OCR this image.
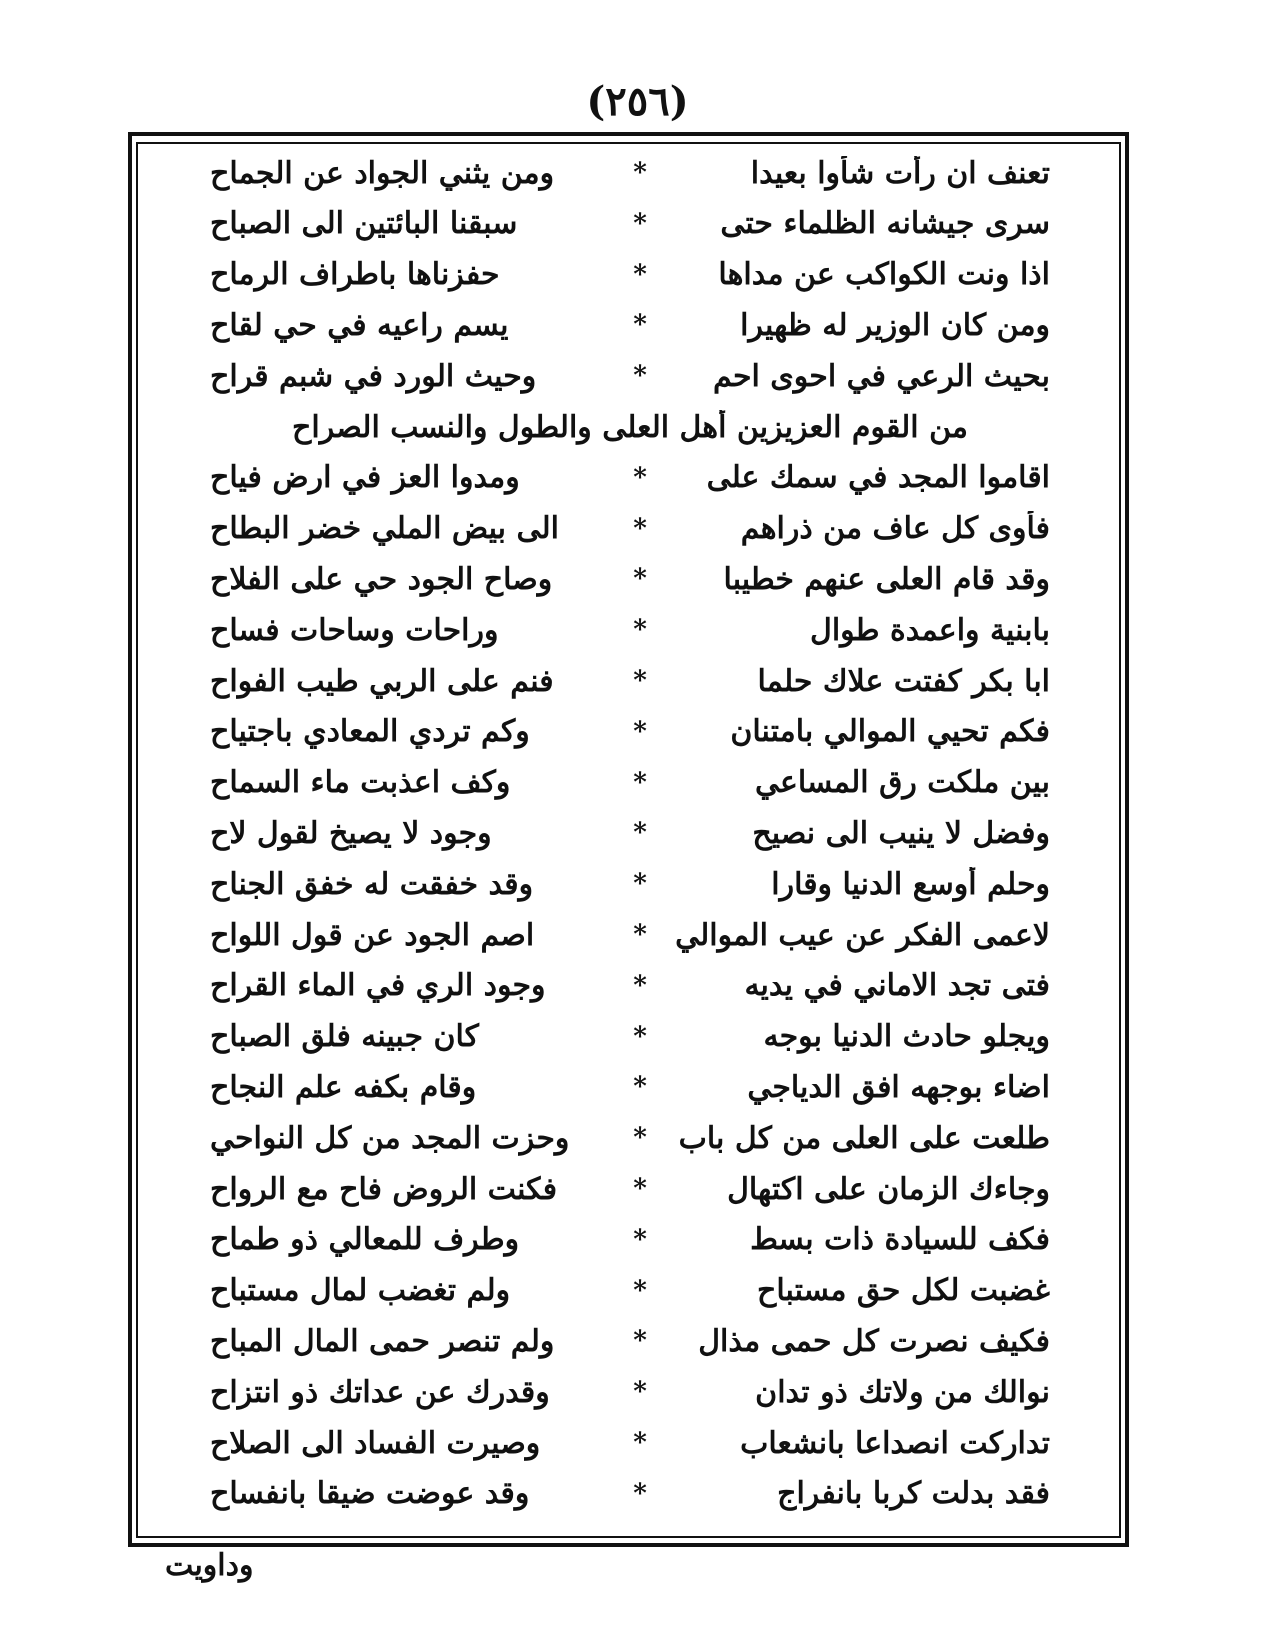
(٢٥٦)
تعنف ان رأت شأوا بعيدا
*
ومن يثني الجواد عن الجماح
سرى جيشانه الظلماء حتى
*
سبقنا البائتين الى الصباح
اذا ونت الكواكب عن مداها
*
حفزناها باطراف الرماح
ومن كان الوزير له ظهيرا
*
يسم راعيه في حي لقاح
بحيث الرعي في احوى احم
*
وحيث الورد في شبم قراح
من القوم العزيزين أهل العلى والطول والنسب الصراح
اقاموا المجد في سمك على
*
ومدوا العز في ارض فياح
فأوى كل عاف من ذراهم
*
الى بيض الملي خضر البطاح
وقد قام العلى عنهم خطيبا
*
وصاح الجود حي على الفلاح
بابنية واعمدة طوال
*
وراحات وساحات فساح
ابا بكر كفتت علاك حلما
*
فنم على الربي طيب الفواح
فكم تحيي الموالي بامتنان
*
وكم تردي المعادي باجتياح
بين ملكت رق المساعي
*
وكف اعذبت ماء السماح
وفضل لا ينيب الى نصيح
*
وجود لا يصيخ لقول لاح
وحلم أوسع الدنيا وقارا
*
وقد خفقت له خفق الجناح
لاعمى الفكر عن عيب الموالي
*
اصم الجود عن قول اللواح
فتى تجد الاماني في يديه
*
وجود الري في الماء القراح
ويجلو حادث الدنيا بوجه
*
كان جبينه فلق الصباح
اضاء بوجهه افق الدياجي
*
وقام بكفه علم النجاح
طلعت على العلى من كل باب
*
وحزت المجد من كل النواحي
وجاءك الزمان على اكتهال
*
فكنت الروض فاح مع الرواح
فكف للسيادة ذات بسط
*
وطرف للمعالي ذو طماح
غضبت لكل حق مستباح
*
ولم تغضب لمال مستباح
فكيف نصرت كل حمى مذال
*
ولم تنصر حمى المال المباح
نوالك من ولاتك ذو تدان
*
وقدرك عن عداتك ذو انتزاح
تداركت انصداعا بانشعاب
*
وصيرت الفساد الى الصلاح
فقد بدلت كربا بانفراج
*
وقد عوضت ضيقا بانفساح
وداويت
